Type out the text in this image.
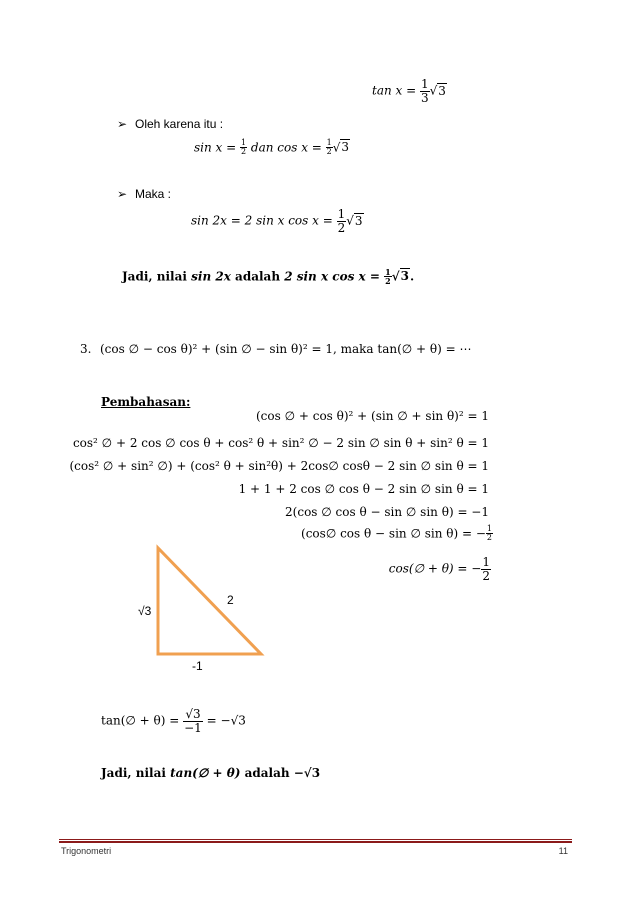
$\tan x = \frac{1}{3} √3$
➢ Oleh karena itu :
$\sin x = \frac{1}{2}$ dan $\cos x = \frac{1}{2} √3$
➢ Maka :
sin 2x = 2 sin x $\cos x = \frac{1}{2} √3$
Jadi, nilai sin 2x adalah 2 sin x $\cos x = \frac{1}{2} √3$.
3. (cos ∅ − cos θ)² + (sin ∅ − sin θ)² = 1, maka tan(∅ + θ) = ⋯
Pembahasan:
(cos ∅ + cos θ)² + (sin ∅ + sin θ)² = 1
cos² ∅ + 2 cos ∅ cos θ + cos² θ + sin² ∅ − 2 sin ∅ sin θ + sin² θ = 1
(cos² ∅ + sin² ∅) + (cos² θ + sin²θ) + 2cos∅ cosθ − 2 sin ∅ sin θ = 1
1 + 1 + 2 cos ∅ cos θ − 2 sin ∅ sin θ = 1
2(cos ∅ cos θ − sin ∅ sin θ) = −1
(cos∅ cos θ − sin ∅ sin θ) = − $\frac{1}{2}$
cos(∅ + θ) = − $\frac{1}{2}$
√3
2
-1
tan(∅ + $\theta) = \frac{√3}{-1} = -√3$
Jadi, nilai tan(∅ + θ) adalah −√3
Trigonometri	11
